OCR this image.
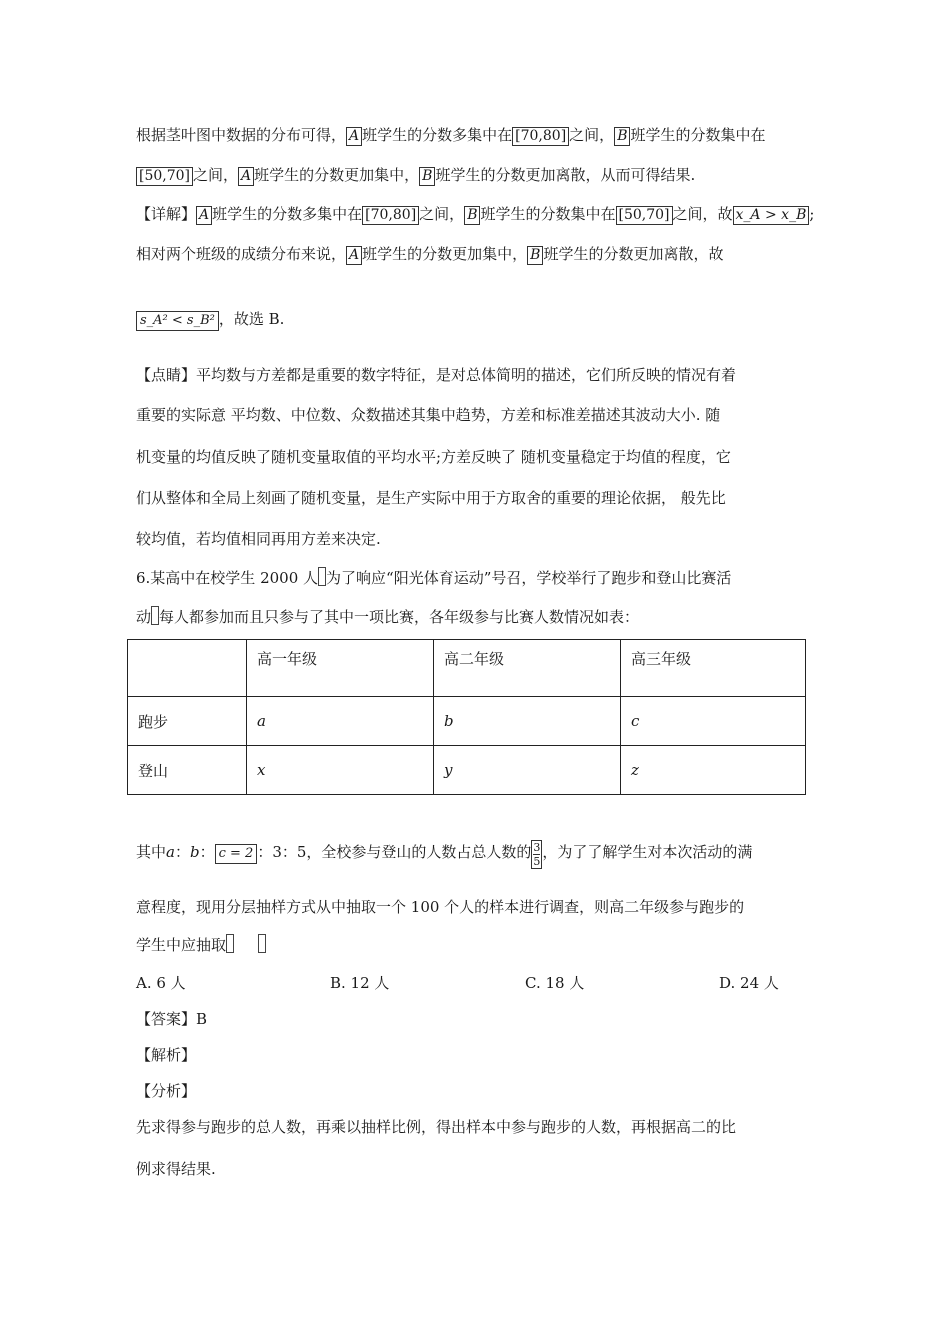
根据茎叶图中数据的分布可得， A 班学生的分数多集中在 [70,80] 之间， B 班学生的分数集中在
[50,70] 之间， A 班学生的分数更加集中， B 班学生的分数更加离散，从而可得结果.
【详解】 A 班学生的分数多集中在 [70,80] 之间， B 班学生的分数集中在 [50,70] 之间，故 x_A > x_B ;
相对两个班级的成绩分布来说， A 班学生的分数更加集中， B 班学生的分数更加离散，故
s_A² < s_B² ，故选 B.
【点睛】平均数与方差都是重要的数字特征，是对总体简明的描述，它们所反映的情况有着
重要的实际意 平均数、中位数、众数描述其集中趋势，方差和标准差描述其波动大小. 随
机变量的均值反映了随机变量取值的平均水平;方差反映了 随机变量稳定于均值的程度，它
们从整体和全局上刻画了随机变量，是生产实际中用于方取舍的重要的理论依据， 般先比
较均值，若均值相同再用方差来决定.
6.某高中在校学生 2000 人 为了响应“阳光体育运动”号召，学校举行了跑步和登山比赛活
动 每人都参加而且只参与了其中一项比赛，各年级参与比赛人数情况如表：
	高一年级	高二年级	高三年级
跑步	a	b	c
登山	x	y	z
其中a：b： c = 2 ：3：5，全校参与登山的人数占总人数的 $\frac{3}{5}$ ，为了了解学生对本次活动的满
意程度，现用分层抽样方式从中抽取一个 100 个人的样本进行调查，则高二年级参与跑步的
学生中应抽取
A. 6 人	B. 12 人	C. 18 人	D. 24 人
【答案】B
【解析】
【分析】
先求得参与跑步的总人数，再乘以抽样比例，得出样本中参与跑步的人数，再根据高二的比
例求得结果.
